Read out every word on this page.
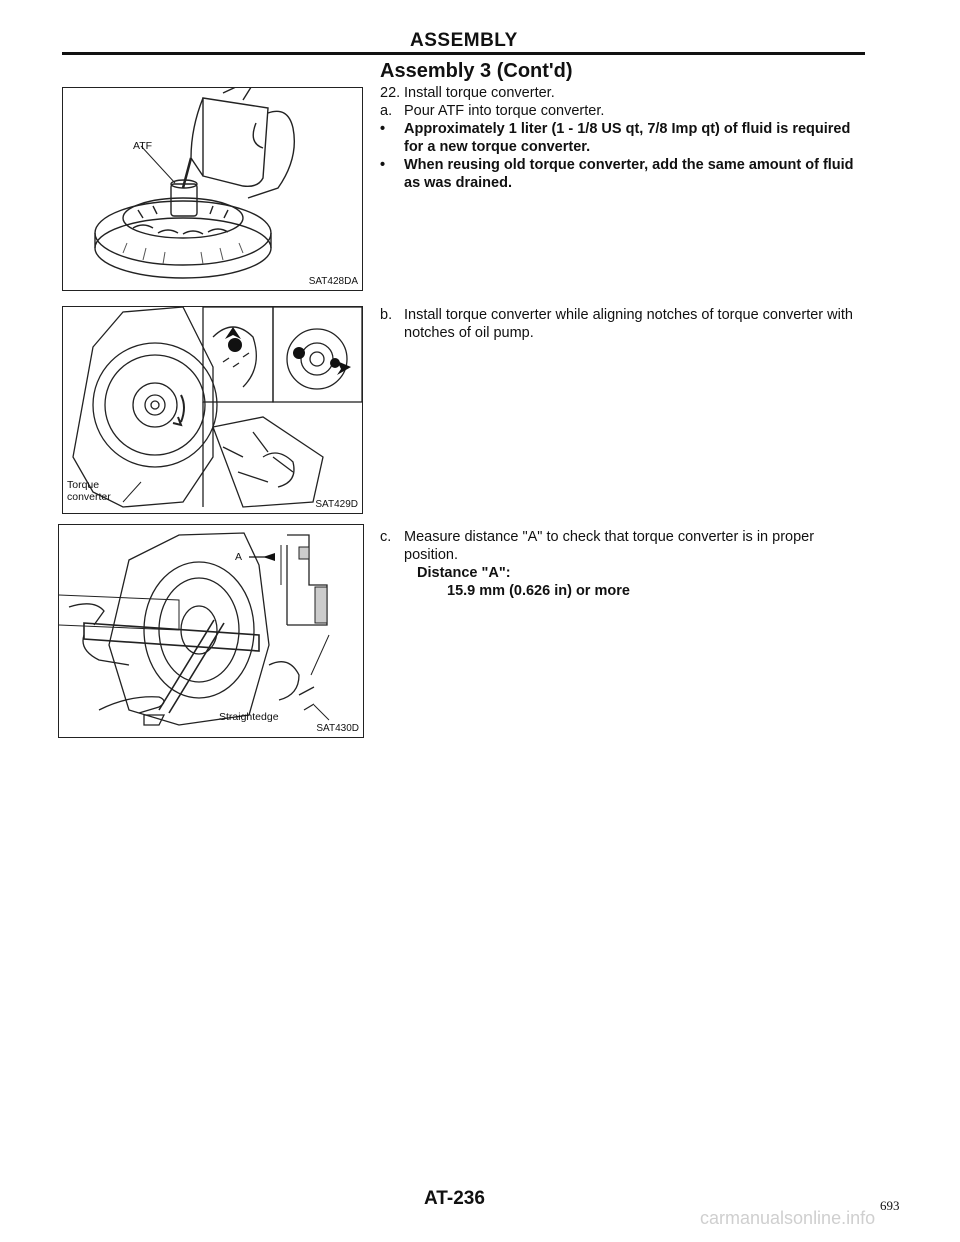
ASSEMBLY
Assembly 3 (Cont'd)
ATF
SAT428DA
Torque
converter
SAT429D
A
Straightedge
SAT430D
22. Install torque converter.
a. Pour ATF into torque converter.
•	Approximately 1 liter (1 - 1/8 US qt, 7/8 Imp qt) of fluid is required for a new torque converter.
•	When reusing old torque converter, add the same amount of fluid as was drained.
b. Install torque converter while aligning notches of torque converter with notches of oil pump.
c. Measure distance "A" to check that torque converter is in proper position.
Distance "A":
15.9 mm (0.626 in) or more
AT-236	693
carmanualsonline.info
